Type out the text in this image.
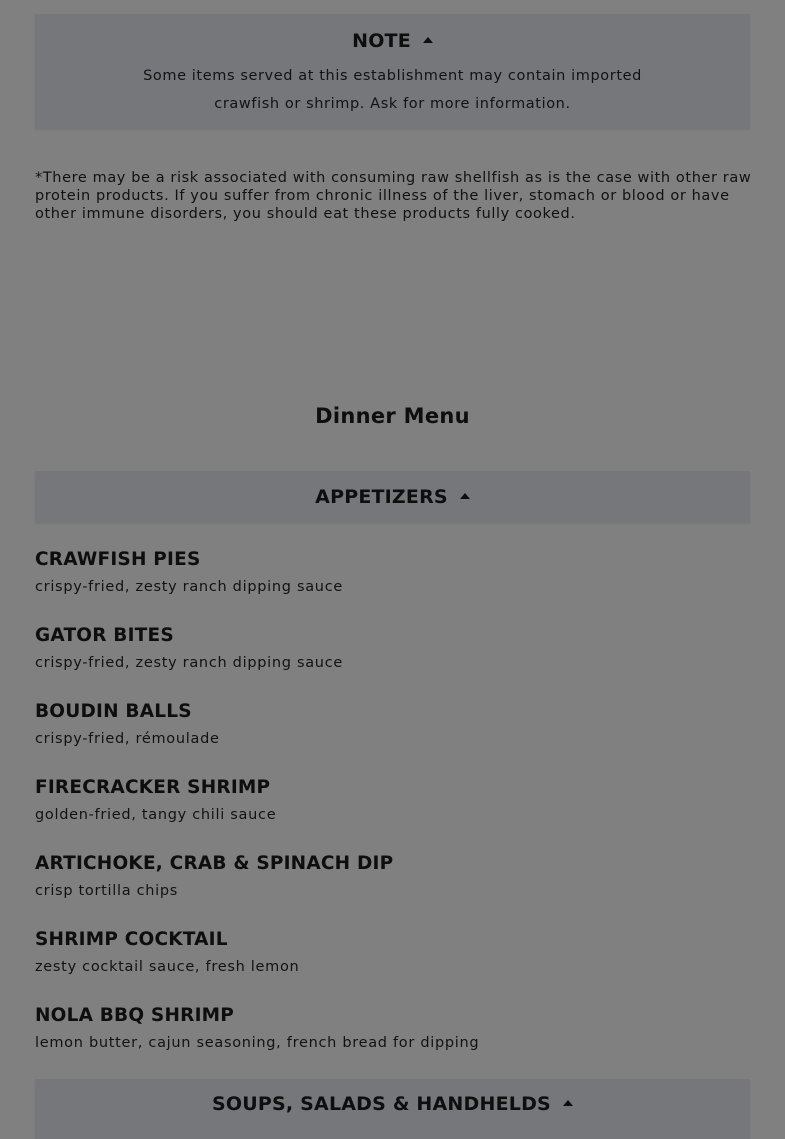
NOTE
Some items served at this establishment may contain imported
crawfish or shrimp. Ask for more information.

*There may be a risk associated with consuming raw shellfish as is the case with other raw protein products. If you suffer from chronic illness of the liver, stomach or blood or have other immune disorders, you should eat these products fully cooked.

Dinner Menu
APPETIZERS
CRAWFISH PIES
crispy-fried, zesty ranch dipping sauce
GATOR BITES
crispy-fried, zesty ranch dipping sauce
BOUDIN BALLS
crispy-fried, rémoulade
FIRECRACKER SHRIMP
golden-fried, tangy chili sauce
ARTICHOKE, CRAB & SPINACH DIP
crisp tortilla chips
SHRIMP COCKTAIL
zesty cocktail sauce, fresh lemon
NOLA BBQ SHRIMP
lemon butter, cajun seasoning, french bread for dipping
SOUPS, SALADS & HANDHELDS
